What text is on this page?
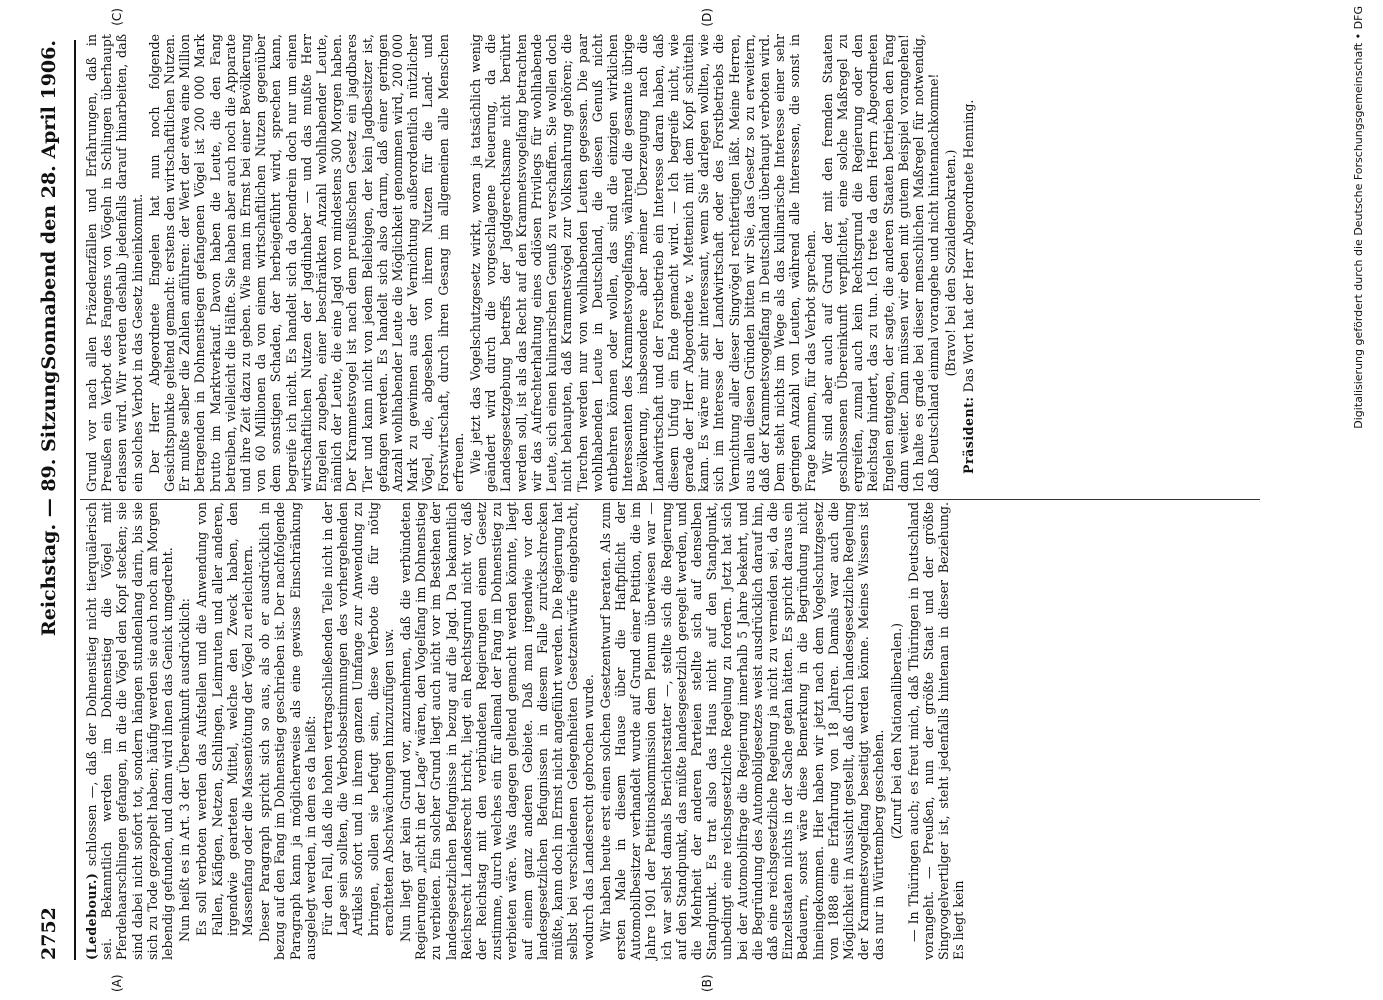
2752
Reichstag. — 89. Sitzung.
Sonnabend den 28. April 1906.
(A)	(B)
(C)	(D)

(Ledebour.) schlossen —, daß der Dohnenstieg nicht tierquälerisch sei. Bekanntlich werden im Dohnenstieg die Vögel mit Pferdehaarschlingen gefangen, in die die Vögel den Kopf stecken; sie sind dabei nicht sofort tot, sondern hängen stundenlang darin, bis sie sich zu Tode gezappelt haben; häufig werden sie auch noch am Morgen lebendig gefunden, und dann wird ihnen das Genick umgedreht. Nun heißt es in Art. 3 der Übereinkunft ausdrücklich: Es soll verboten werden das Aufstellen und die Anwendung von Fallen, Käfigen, Netzen, Schlingen, Leimruten und aller anderen, irgendwie gearteten Mittel, welche den Zweck haben, den Massenfang oder die Massentötung der Vögel zu erleichtern. Dieser Paragraph spricht sich so aus, als ob er ausdrücklich in bezug auf den Fang im Dohnenstieg geschrieben ist. Der nachfolgende Paragraph kann ja möglicherweise als eine gewisse Einschränkung ausgelegt werden, in dem es da heißt: Für den Fall, daß die hohen vertragschließenden Teile nicht in der Lage sein sollten, die Verbotsbestimmungen des vorhergehenden Artikels sofort und in ihrem ganzen Umfange zur Anwendung zu bringen, sollen sie befugt sein, diese Verbote die für nötig erachteten Abschwächungen hinzuzufügen usw. Nun liegt gar kein Grund vor, anzunehmen, daß die verbündeten Regierungen „nicht in der Lage“ wären, den Vogelfang im Dohnenstieg zu verbieten. Ein solcher Grund liegt auch nicht vor im Bestehen der landesgesetzlichen Befugnisse in bezug auf die Jagd. Da bekanntlich Reichsrecht Landesrecht bricht, liegt ein Rechtsgrund nicht vor, daß der Reichstag mit den verbündeten Regierungen einem Gesetz zustimme, durch welches ein für allemal der Fang im Dohnenstieg zu verbieten wäre. Was dagegen geltend gemacht werden könnte, liegt auf einem ganz anderen Gebiete. Daß man irgendwie vor den landesgesetzlichen Befugnissen in diesem Falle zurückschrecken müßte, kann doch im Ernst nicht angeführt werden. Die Regierung hat selbst bei verschiedenen Gelegenheiten Gesetzentwürfe eingebracht, wodurch das Landesrecht gebrochen wurde. Wir haben heute erst einen solchen Gesetzentwurf beraten. Als zum ersten Male in diesem Hause über die Haftpflicht der Automobilbesitzer verhandelt wurde auf Grund einer Petition, die im Jahre 1901 der Petitionskommission dem Plenum überwiesen war — ich war selbst damals Berichterstatter —, stellte sich die Regierung auf den Standpunkt, das müßte landesgesetzlich geregelt werden, und die Mehrheit der anderen Parteien stellte sich auf denselben Standpunkt. Es trat also das Haus nicht auf den Standpunkt, unbedingt eine reichsgesetzliche Regelung zu fordern. Jetzt hat sich bei der Automobilfrage die Regierung innerhalb 5 Jahre bekehrt, und die Begründung des Automobilgesetzes weist ausdrücklich darauf hin, daß eine reichsgesetzliche Regelung ja nicht zu vermeiden sei, da die Einzelstaaten nichts in der Sache getan hätten. Es spricht daraus ein Bedauern, sonst wäre diese Bemerkung in die Begründung nicht hineingekommen. Hier haben wir jetzt nach dem Vogelschutzgesetz von 1888 eine Erfahrung von 18 Jahren. Damals war auch die Möglichkeit in Aussicht gestellt, daß durch landesgesetzliche Regelung der Krammetsvogelfang beseitigt werden könne. Meines Wissens ist das nur in Württemberg geschehen. (Zuruf bei den Nationalliberalen.) — In Thüringen auch; es freut mich, daß Thüringen in Deutschland vorangeht. — Preußen, nun der größte Staat und der größte Singvogelvertilger ist, steht jedenfalls hintenan in dieser Beziehung. Es liegt kein

Grund vor nach allen Präzedenzfällen und Erfahrungen, daß in Preußen ein Verbot des Fangens von Vögeln in Schlingen überhaupt erlassen wird. Wir werden deshalb jedenfalls darauf hinarbeiten, daß ein solches Verbot in das Gesetz hineinkommt. Der Herr Abgeordnete Engelen hat nun noch folgende Gesichtspunkte geltend gemacht: erstens den wirtschaftlichen Nutzen. Er mußte selber die Zahlen anführen: der Wert der etwa eine Million betragenden in Dohnenstiegen gefangenen Vögel ist 200 000 Mark brutto im Marktverkauf. Davon haben die Leute, die den Fang betreiben, vielleicht die Hälfte. Sie haben aber auch noch die Apparate und ihre Zeit dazu zu geben. Wie man im Ernst bei einer Bevölkerung von 60 Millionen da von einem wirtschaftlichen Nutzen gegenüber dem sonstigen Schaden, der herbeigeführt wird, sprechen kann, begreife ich nicht. Es handelt sich da obendrein doch nur um einen wirtschaftlichen Nutzen der Jagdinhaber — und das mußte Herr Engelen zugeben, einer beschränkten Anzahl wohlhabender Leute, nämlich der Leute, die eine Jagd von mindestens 300 Morgen haben. Der Krammetsvogel ist nach dem preußischen Gesetz ein jagdbares Tier und kann nicht von jedem Beliebigen, der kein Jagdbesitzer ist, gefangen werden. Es handelt sich also darum, daß einer geringen Anzahl wohlhabender Leute die Möglichkeit genommen wird, 200 000 Mark zu gewinnen aus der Vernichtung außerordentlich nützlicher Vögel, die, abgesehen von ihrem Nutzen für die Land- und Forstwirtschaft, durch ihren Gesang im allgemeinen alle Menschen erfreuen. Wie jetzt das Vogelschutzgesetz wirkt, woran ja tatsächlich wenig geändert wird durch die vorgeschlagene Neuerung, da die Landesgesetzgebung betreffs der Jagdgerechtsame nicht berührt werden soll, ist als das Recht auf den Krammetsvogelfang betrachten wir das Aufrechterhaltung eines odiösen Privilegs für wohlhabende Leute, sich einen kulinarischen Genuß zu verschaffen. Sie wollen doch nicht behaupten, daß Krammetsvögel zur Volksnahrung gehören; die Tierchen werden nur von wohlhabenden Leuten gegessen. Die paar wohlhabenden Leute in Deutschland, die diesen Genuß nicht entbehren können oder wollen, das sind die einzigen wirklichen Interessenten des Krammetsvogelfangs, während die gesamte übrige Bevölkerung, insbesondere aber meiner Überzeugung nach die Landwirtschaft und der Forstbetrieb ein Interesse daran haben, daß diesem Unfug ein Ende gemacht wird. — Ich begreife nicht, wie gerade der Herr Abgeordnete v. Mettenich mit dem Kopf schütteln kann. Es wäre mir sehr interessant, wenn Sie darlegen wollten, wie sich im Interesse der Landwirtschaft oder des Forstbetriebs die Vernichtung aller dieser Singvögel rechtfertigen läßt. Meine Herren, aus allen diesen Gründen bitten wir Sie, das Gesetz so zu erweitern, daß der Krammetsvogelfang in Deutschland überhaupt verboten wird. Dem steht nichts im Wege als das kulinarische Interesse einer sehr geringen Anzahl von Leuten, während alle Interessen, die sonst in Frage kommen, für das Verbot sprechen. Wir sind aber auch auf Grund der mit den fremden Staaten geschlossenen Übereinkunft verpflichtet, eine solche Maßregel zu ergreifen, zumal auch kein Rechtsgrund die Regierung oder den Reichstag hindert, das zu tun. Ich trete da dem Herrn Abgeordneten Engelen entgegen, der sagte, die anderen Staaten betrieben den Fang dann weiter. Dann müssen wir eben mit gutem Beispiel vorangehen! Ich halte es grade bei dieser menschlichen Maßregel für notwendig, daß Deutschland einmal vorangehe und nicht hintennachkomme! (Bravo! bei den Sozialdemokraten.)

Präsident: Das Wort hat der Herr Abgeordnete Henning.	Digitalisierung gefördert durch die Deutsche Forschungsgemeinschaft • DFG
